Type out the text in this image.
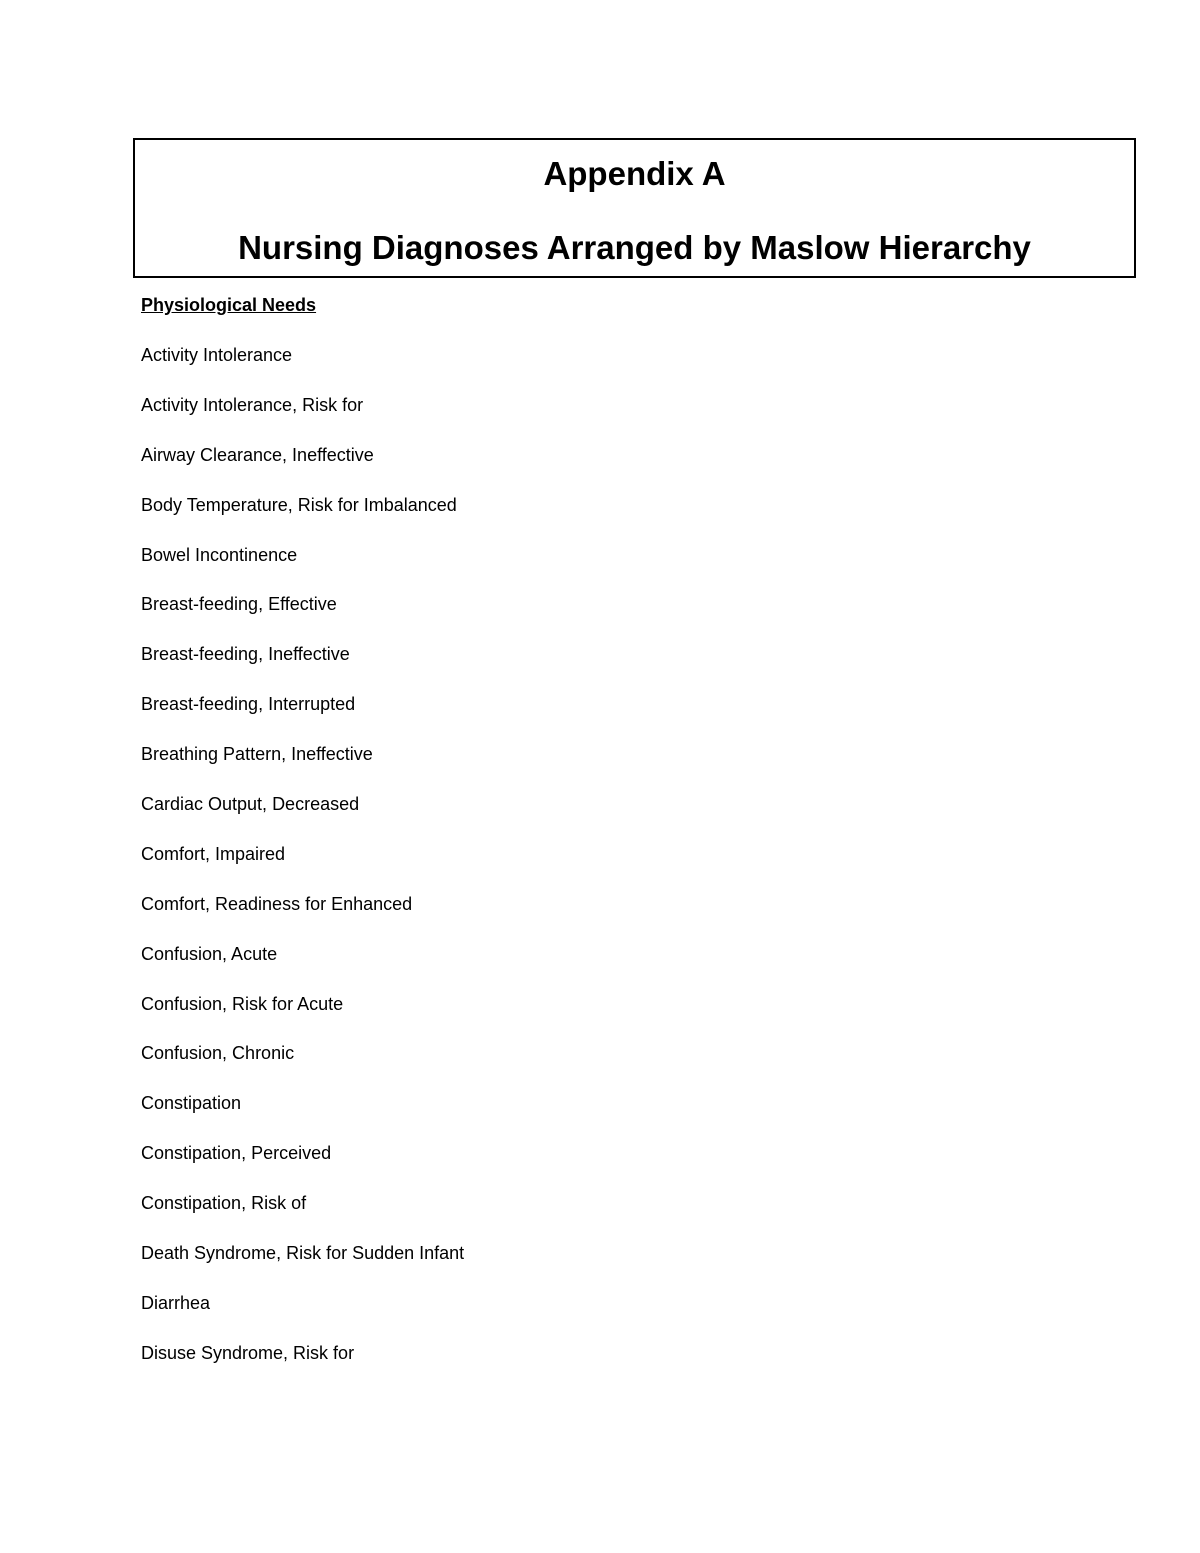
Appendix A
Nursing Diagnoses Arranged by Maslow Hierarchy
Physiological Needs
Activity Intolerance
Activity Intolerance, Risk for
Airway Clearance, Ineffective
Body Temperature, Risk for Imbalanced
Bowel Incontinence
Breast-feeding, Effective
Breast-feeding, Ineffective
Breast-feeding, Interrupted
Breathing Pattern, Ineffective
Cardiac Output, Decreased
Comfort, Impaired
Comfort, Readiness for Enhanced
Confusion, Acute
Confusion, Risk for Acute
Confusion, Chronic
Constipation
Constipation, Perceived
Constipation, Risk of
Death Syndrome, Risk for Sudden Infant
Diarrhea
Disuse Syndrome, Risk for
